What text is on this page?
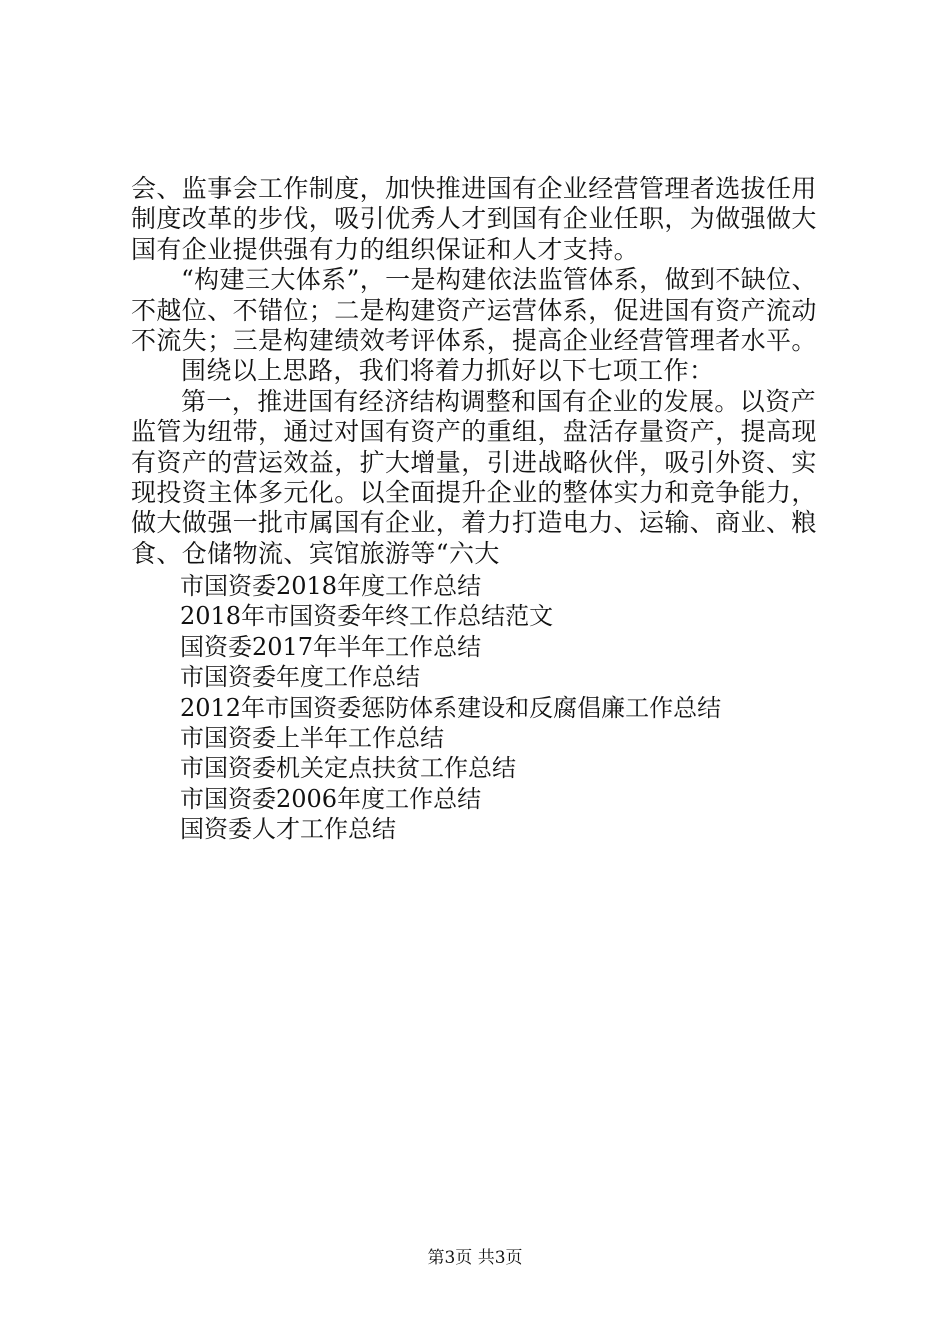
会、监事会工作制度，加快推进国有企业经营管理者选拔任用
制度改革的步伐，吸引优秀人才到国有企业任职，为做强做大
国有企业提供强有力的组织保证和人才支持。
“构建三大体系”，一是构建依法监管体系，做到不缺位、
不越位、不错位；二是构建资产运营体系，促进国有资产流动
不流失；三是构建绩效考评体系，提高企业经营管理者水平。
围绕以上思路，我们将着力抓好以下七项工作：
第一，推进国有经济结构调整和国有企业的发展。以资产
监管为纽带，通过对国有资产的重组，盘活存量资产，提高现
有资产的营运效益，扩大增量，引进战略伙伴，吸引外资、实
现投资主体多元化。以全面提升企业的整体实力和竞争能力，
做大做强一批市属国有企业，着力打造电力、运输、商业、粮
食、仓储物流、宾馆旅游等“六大
市国资委2018年度工作总结
2018年市国资委年终工作总结范文
国资委2017年半年工作总结
市国资委年度工作总结
2012年市国资委惩防体系建设和反腐倡廉工作总结
市国资委上半年工作总结
市国资委机关定点扶贫工作总结
市国资委2006年度工作总结
国资委人才工作总结
第3页 共3页
